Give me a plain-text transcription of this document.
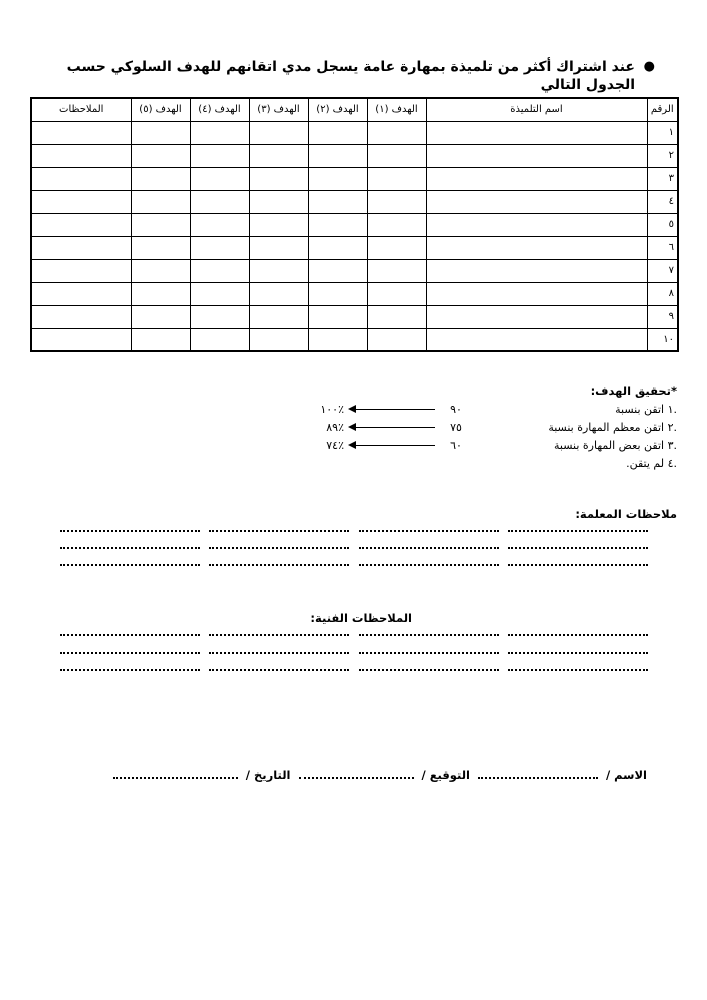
عند اشتراك أكثر من تلميذة بمهارة عامة يسجل مدي اتقانهم للهدف السلوكي حسب الجدول التالي
●
الرقم	اسم التلميذة	الهدف (١)	الهدف (٢)	الهدف (٣)	الهدف (٤)	الهدف (٥)	الملاحظات
١							
٢							
٣							
٤							
٥							
٦							
٧							
٨							
٩							
١٠							
*تحقيق الهدف:
.١ اتقن بنسبة
٩٠
٪١٠٠
.٢ اتقن معظم المهارة بنسبة
٧٥
٪٨٩
.٣ اتقن بعض المهارة بنسبة
٦٠
٪٧٤
.٤ لم يتقن.
ملاحظات المعلمة:
الملاحظات الفنية:
الاسم /
التوقيع /
التاريخ /
